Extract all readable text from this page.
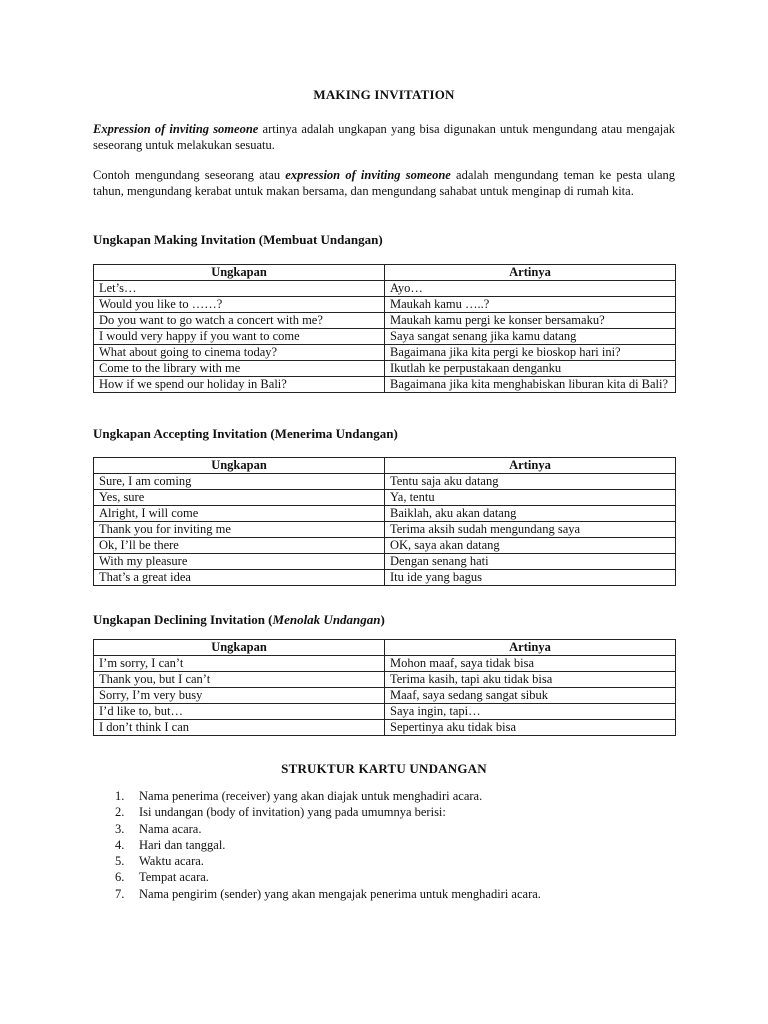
MAKING INVITATION

Expression of inviting someone artinya adalah ungkapan yang bisa digunakan untuk mengundang atau mengajak seseorang untuk melakukan sesuatu.

Contoh mengundang seseorang atau expression of inviting someone adalah mengundang teman ke pesta ulang tahun, mengundang kerabat untuk makan bersama, dan mengundang sahabat untuk menginap di rumah kita.

Ungkapan Making Invitation (Membuat Undangan)
Ungkapan	Artinya
Let’s…	Ayo…
Would you like to ……?	Maukah kamu …..?
Do you want to go watch a concert with me?	Maukah kamu pergi ke konser bersamaku?
I would very happy if you want to come	Saya sangat senang jika kamu datang
What about going to cinema today?	Bagaimana jika kita pergi ke bioskop hari ini?
Come to the library with me	Ikutlah ke perpustakaan denganku
How if we spend our holiday in Bali?	Bagaimana jika kita menghabiskan liburan kita di Bali?
Ungkapan Accepting Invitation (Menerima Undangan)
Ungkapan	Artinya
Sure, I am coming	Tentu saja aku datang
Yes, sure	Ya, tentu
Alright, I will come	Baiklah, aku akan datang
Thank you for inviting me	Terima aksih sudah mengundang saya
Ok, I’ll be there	OK, saya akan datang
With my pleasure	Dengan senang hati
That’s a great idea	Itu ide yang bagus
Ungkapan Declining Invitation (Menolak Undangan)
Ungkapan	Artinya
I’m sorry, I can’t	Mohon maaf, saya tidak bisa
Thank you, but I can’t	Terima kasih, tapi aku tidak bisa
Sorry, I’m very busy	Maaf, saya sedang sangat sibuk
I’d like to, but…	Saya ingin, tapi…
I don’t think I can	Sepertinya aku tidak bisa
STRUKTUR KARTU UNDANGAN
1. Nama penerima (receiver) yang akan diajak untuk menghadiri acara.
2. Isi undangan (body of invitation) yang pada umumnya berisi:
3. Nama acara.
4. Hari dan tanggal.
5. Waktu acara.
6. Tempat acara.
7. Nama pengirim (sender) yang akan mengajak penerima untuk menghadiri acara.
